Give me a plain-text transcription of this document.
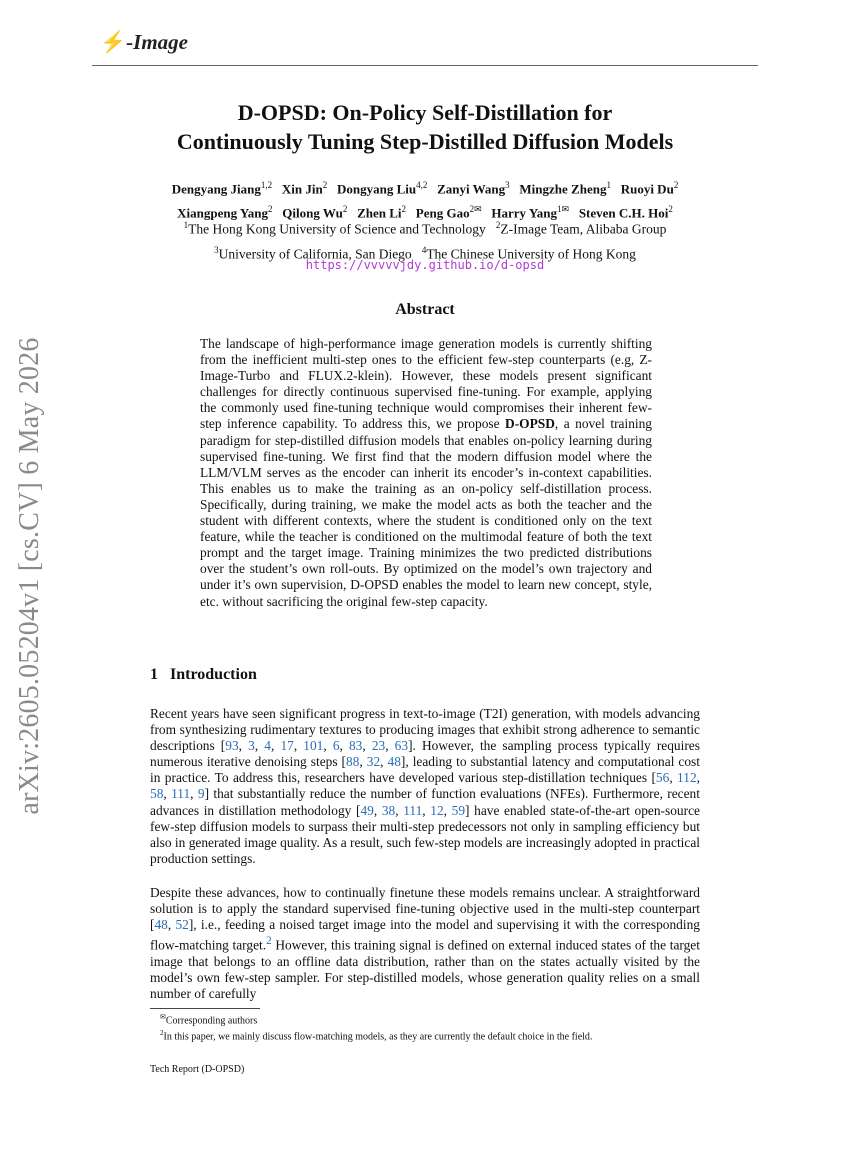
⚡-Image
arXiv:2605.05204v1 [cs.CV] 6 May 2026
D-OPSD: On-Policy Self-Distillation for
Continuously Tuning Step-Distilled Diffusion Models
Dengyang Jiang$^{1,2}$ Xin Jin$^2$ Dongyang Liu$^{4,2}$ Zanyi Wang$^3$ Mingzhe Zheng$^1$ Ruoyi Du$^2$
Xiangpeng Yang$^2$ Qilong Wu$^2$ Zhen Li$^2$ Peng Gao$^{2✉}$ Harry Yang$^{1✉}$ Steven C.H. Hoi$^2$
$^1$The Hong Kong University of Science and Technology $^2$Z-Image Team, Alibaba Group
$^3$University of California, San Diego $^4$The Chinese University of Hong Kong
https://vvvvvjdy.github.io/d-opsd
Abstract
The landscape of high-performance image generation models is currently shifting from the inefficient multi-step ones to the efficient few-step counterparts (e.g, Z-Image-Turbo and FLUX.2-klein). However, these models present significant challenges for directly continuous supervised fine-tuning. For example, applying the commonly used fine-tuning technique would compromises their inherent few-step inference capability. To address this, we propose D-OPSD, a novel training paradigm for step-distilled diffusion models that enables on-policy learning during supervised fine-tuning. We first find that the modern diffusion model where the LLM/VLM serves as the encoder can inherit its encoder’s in-context capabilities. This enables us to make the training as an on-policy self-distillation process. Specifically, during training, we make the model acts as both the teacher and the student with different contexts, where the student is conditioned only on the text feature, while the teacher is conditioned on the multimodal feature of both the text prompt and the target image. Training minimizes the two predicted distributions over the student’s own roll-outs. By optimized on the model’s own trajectory and under it’s own supervision, D-OPSD enables the model to learn new concept, style, etc. without sacrificing the original few-step capacity.
1 Introduction
Recent years have seen significant progress in text-to-image (T2I) generation, with models advancing from synthesizing rudimentary textures to producing images that exhibit strong adherence to semantic descriptions [93, 3, 4, 17, 101, 6, 83, 23, 63]. However, the sampling process typically requires numerous iterative denoising steps [88, 32, 48], leading to substantial latency and computational cost in practice. To address this, researchers have developed various step-distillation techniques [56, 112, 58, 111, 9] that substantially reduce the number of function evaluations (NFEs). Furthermore, recent advances in distillation methodology [49, 38, 111, 12, 59] have enabled state-of-the-art open-source few-step diffusion models to surpass their multi-step predecessors not only in sampling efficiency but also in generated image quality. As a result, such few-step models are increasingly adopted in practical production settings.
Despite these advances, how to continually finetune these models remains unclear. A straightforward solution is to apply the standard supervised fine-tuning objective used in the multi-step counterpart [48, 52], i.e., feeding a noised target image into the model and supervising it with the corresponding flow-matching target.$^2$ However, this training signal is defined on external induced states of the target image that belongs to an offline data distribution, rather than on the states actually visited by the model’s own few-step sampler. For step-distilled models, whose generation quality relies on a small number of carefully
✉Corresponding authors
$^2$In this paper, we mainly discuss flow-matching models, as they are currently the default choice in the field.
Tech Report (D-OPSD)
